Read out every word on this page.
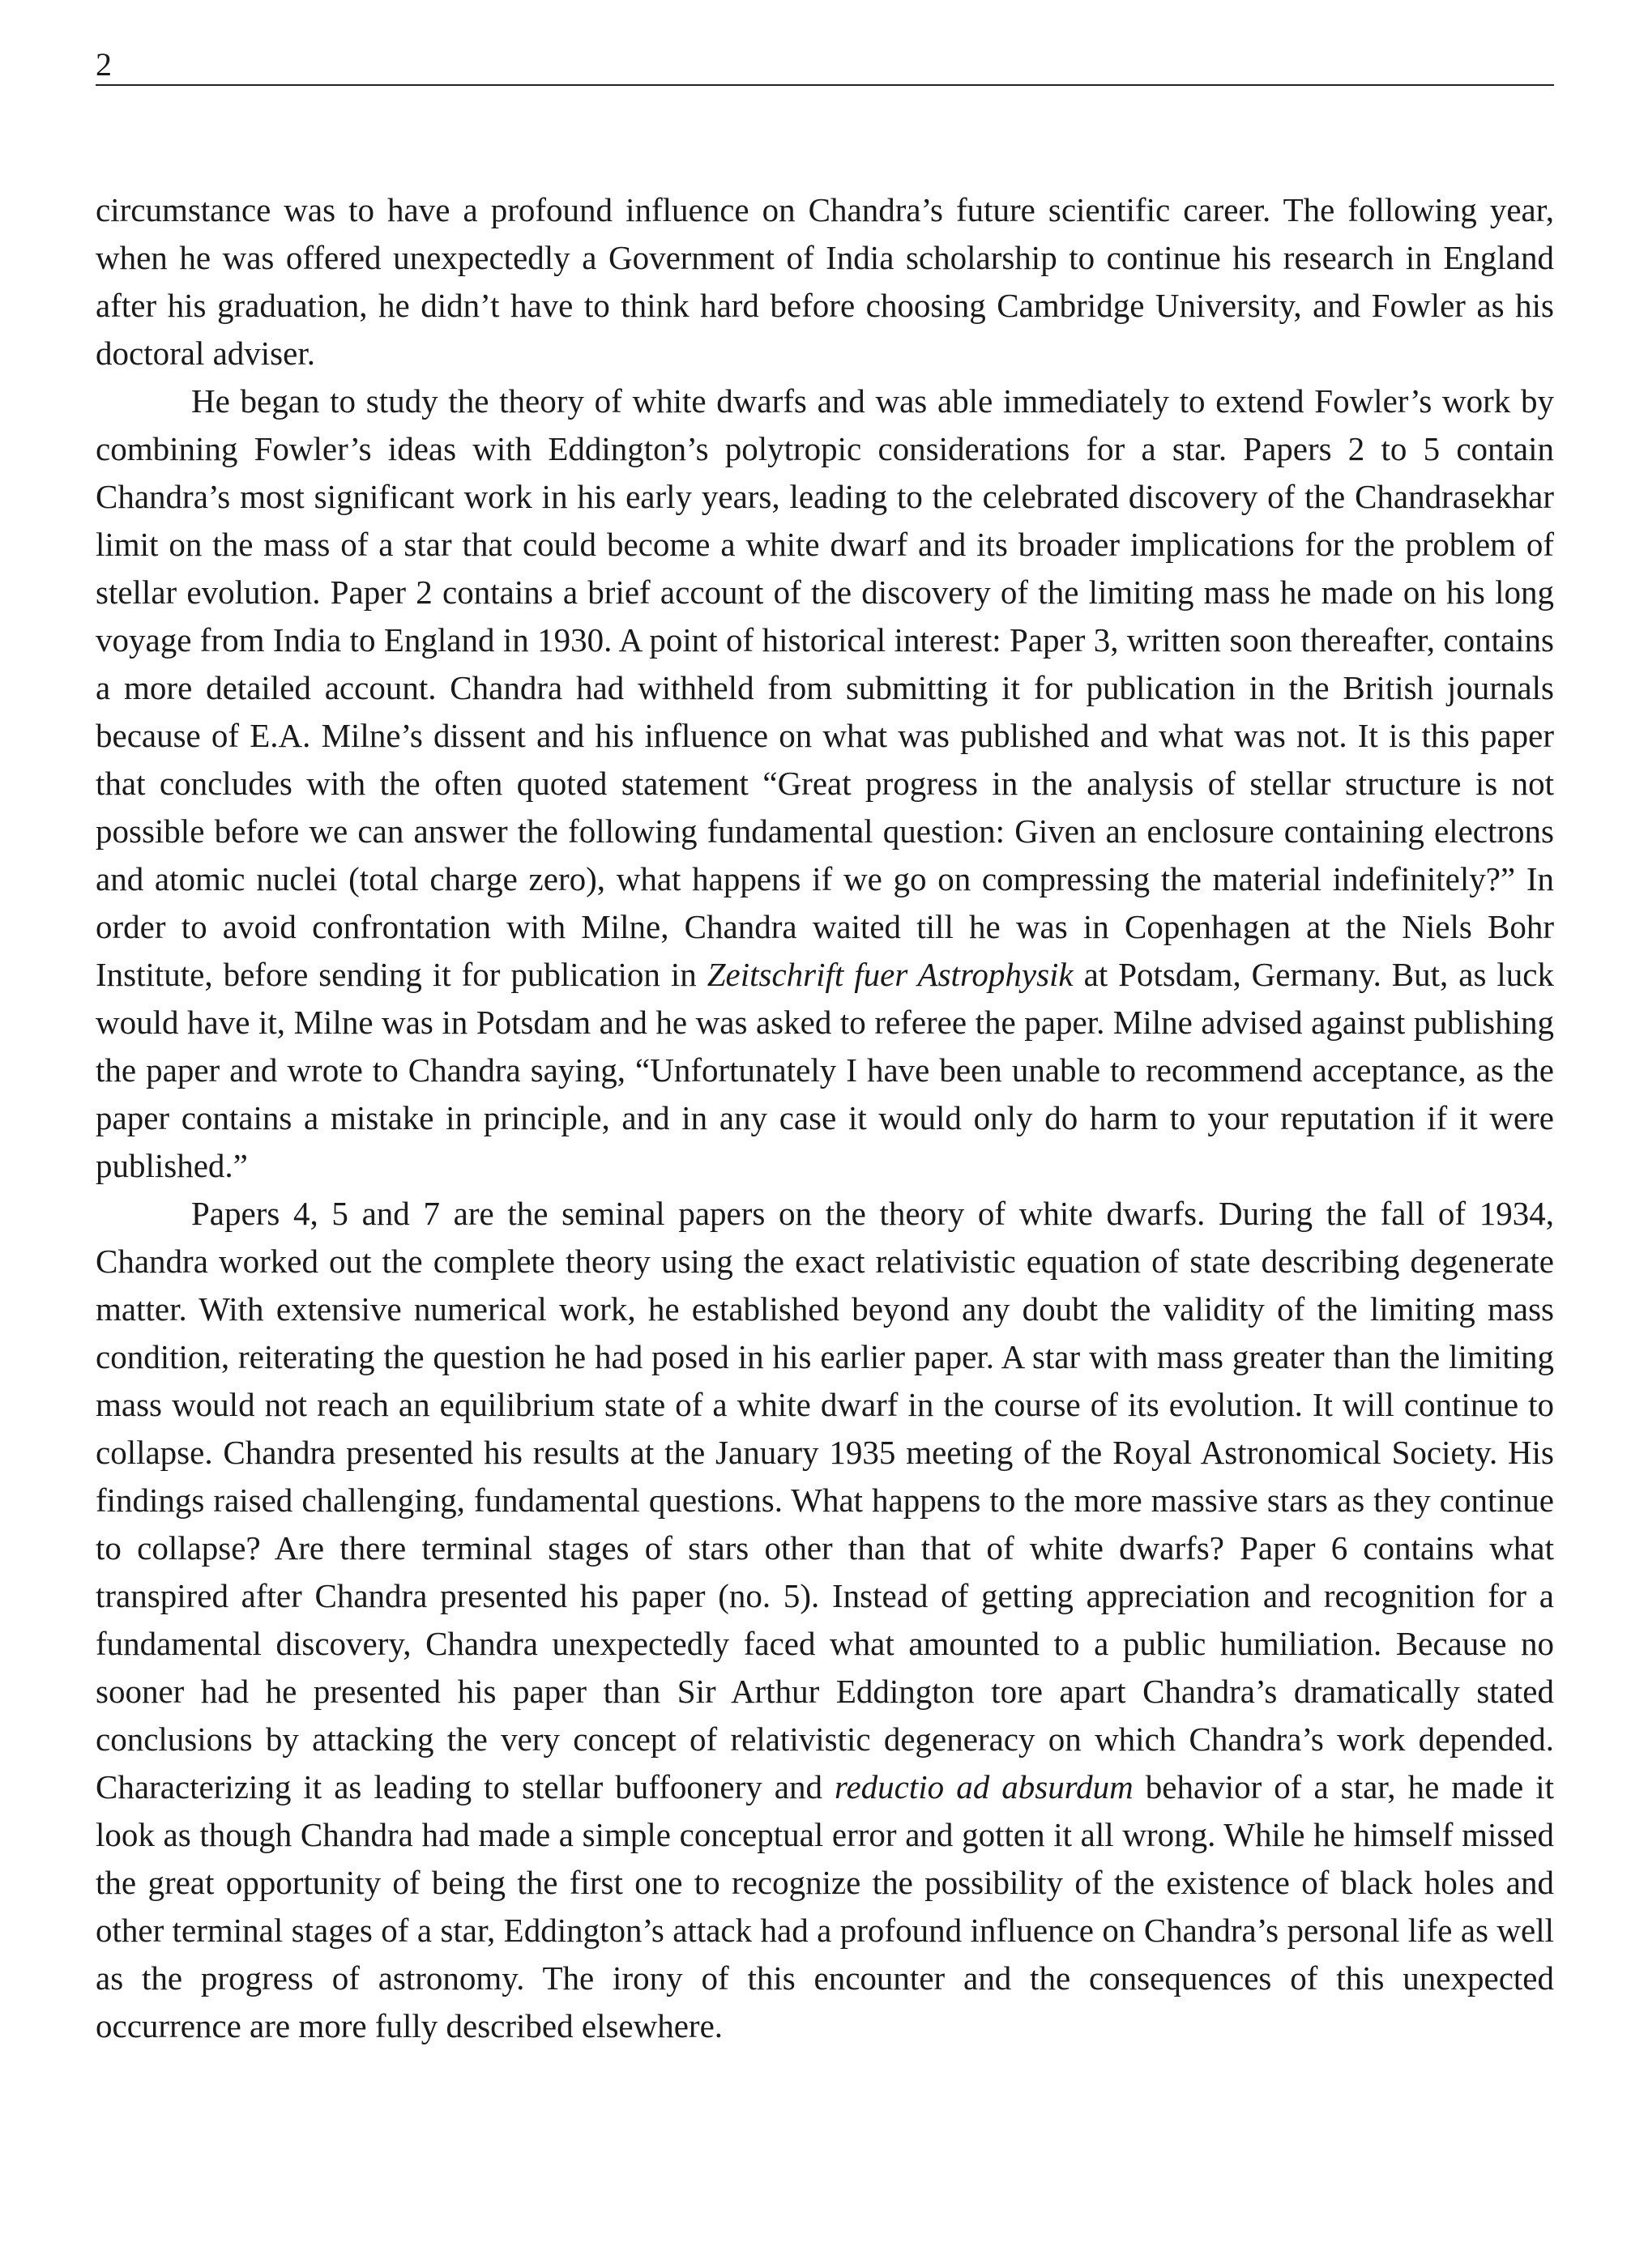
2

circumstance was to have a profound influence on Chandra’s future scientific career. The following year, when he was offered unexpectedly a Government of India scholarship to continue his research in England after his graduation, he didn’t have to think hard before choosing Cambridge University, and Fowler as his doctoral adviser.

He began to study the theory of white dwarfs and was able immediately to extend Fowler’s work by combining Fowler’s ideas with Eddington’s polytropic considerations for a star. Papers 2 to 5 contain Chandra’s most significant work in his early years, leading to the celebrated discovery of the Chandrasekhar limit on the mass of a star that could become a white dwarf and its broader implications for the problem of stellar evolution. Paper 2 contains a brief account of the discovery of the limiting mass he made on his long voyage from India to England in 1930. A point of historical interest: Paper 3, written soon thereafter, contains a more detailed account. Chandra had withheld from submitting it for publication in the British journals because of E.A. Milne’s dissent and his influence on what was published and what was not. It is this paper that concludes with the often quoted statement “Great progress in the analysis of stellar structure is not possible before we can answer the following fundamental question: Given an enclosure containing electrons and atomic nuclei (total charge zero), what happens if we go on compressing the material indefinitely?” In order to avoid confrontation with Milne, Chandra waited till he was in Copenhagen at the Niels Bohr Institute, before sending it for publication in Zeitschrift fuer Astrophysik at Potsdam, Germany. But, as luck would have it, Milne was in Potsdam and he was asked to referee the paper. Milne advised against publishing the paper and wrote to Chandra saying, “Unfortunately I have been unable to recommend acceptance, as the paper contains a mistake in principle, and in any case it would only do harm to your reputation if it were published.”

Papers 4, 5 and 7 are the seminal papers on the theory of white dwarfs. During the fall of 1934, Chandra worked out the complete theory using the exact relativistic equation of state describing degenerate matter. With extensive numerical work, he established beyond any doubt the validity of the limiting mass condition, reiterating the question he had posed in his earlier paper. A star with mass greater than the limiting mass would not reach an equilibrium state of a white dwarf in the course of its evolution. It will continue to collapse. Chandra presented his results at the January 1935 meeting of the Royal Astronomical Society. His findings raised challenging, fundamental questions. What happens to the more massive stars as they continue to collapse? Are there terminal stages of stars other than that of white dwarfs? Paper 6 contains what transpired after Chandra presented his paper (no. 5). Instead of getting appreciation and recognition for a fundamental discovery, Chandra unexpectedly faced what amounted to a public humiliation. Because no sooner had he presented his paper than Sir Arthur Eddington tore apart Chandra’s dramatically stated conclusions by attacking the very concept of relativistic degeneracy on which Chandra’s work depended. Characterizing it as leading to stellar buffoonery and reductio ad absurdum behavior of a star, he made it look as though Chandra had made a simple conceptual error and gotten it all wrong. While he himself missed the great opportunity of being the first one to recognize the possibility of the existence of black holes and other terminal stages of a star, Eddington’s attack had a profound influence on Chandra’s personal life as well as the progress of astronomy. The irony of this encounter and the consequences of this unexpected occurrence are more fully described elsewhere.
